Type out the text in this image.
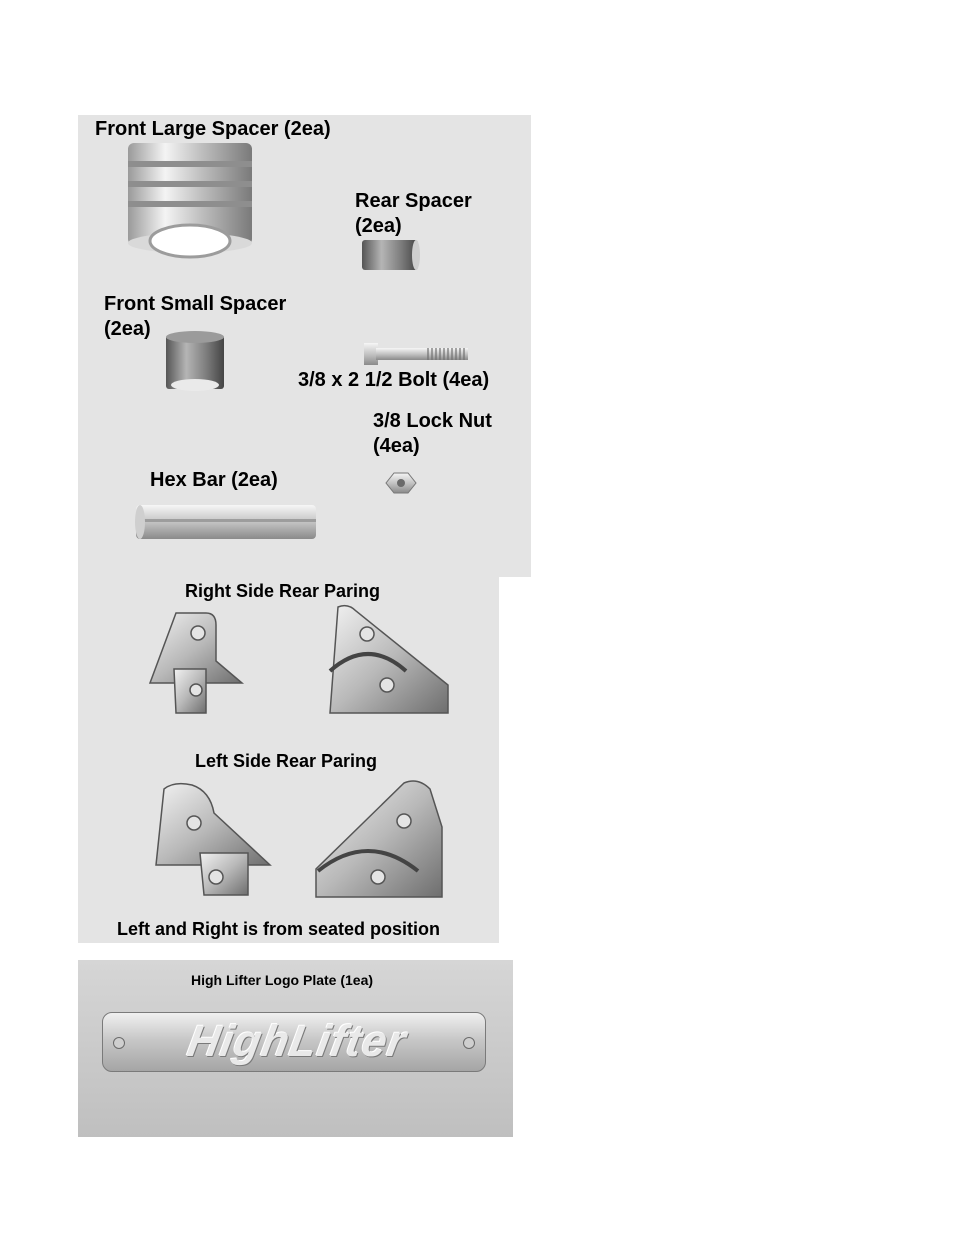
Front Large Spacer (2ea)
Rear Spacer
(2ea)
Front Small Spacer
(2ea)
3/8 x 2 1/2 Bolt (4ea)
3/8 Lock Nut
(4ea)
Hex Bar (2ea)
Right Side Rear Paring
Left Side Rear Paring
Left and Right is from seated position
High Lifter Logo Plate (1ea)
HighLifter
